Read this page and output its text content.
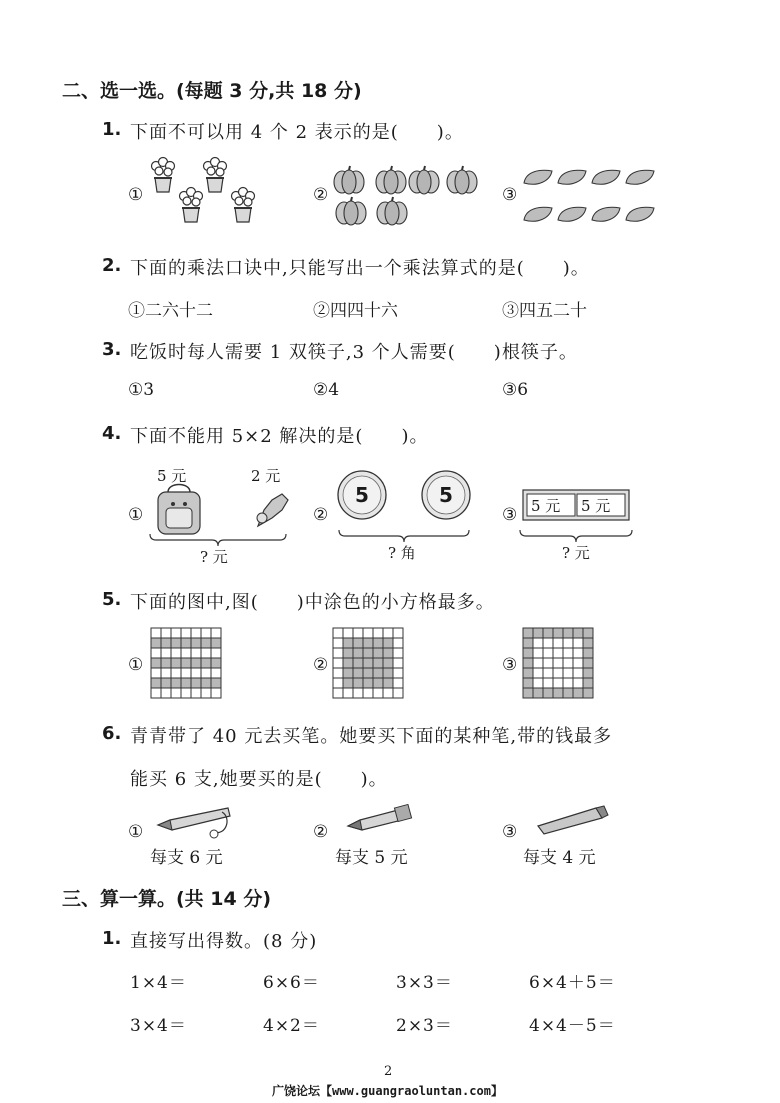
二、选一选。(每题 3 分,共 18 分)
1. 下面不可以用 4 个 2 表示的是(　　)。
①	②	③
2. 下面的乘法口诀中,只能写出一个乘法算式的是(　　)。
①二六十二	②四四十六	③四五二十
3. 吃饭时每人需要 1 双筷子,3 个人需要(　　)根筷子。
①3	②4	③6
4. 下面不能用 5×2 解决的是(　　)。
5 元	2 元
①	②	③
5	5	5 元 5 元
? 元	? 角	? 元
5. 下面的图中,图(　　)中涂色的小方格最多。
①	②	③
6. 青青带了 40 元去买笔。她要买下面的某种笔,带的钱最多
能买 6 支,她要买的是(　　)。
①	②	③
每支 6 元	每支 5 元	每支 4 元
三、算一算。(共 14 分)
1. 直接写出得数。(8 分)
1×4＝	6×6＝	3×3＝	6×4＋5＝
3×4＝	4×2＝	2×3＝	4×4－5＝
2
广饶论坛【www.guangraoluntan.com】
